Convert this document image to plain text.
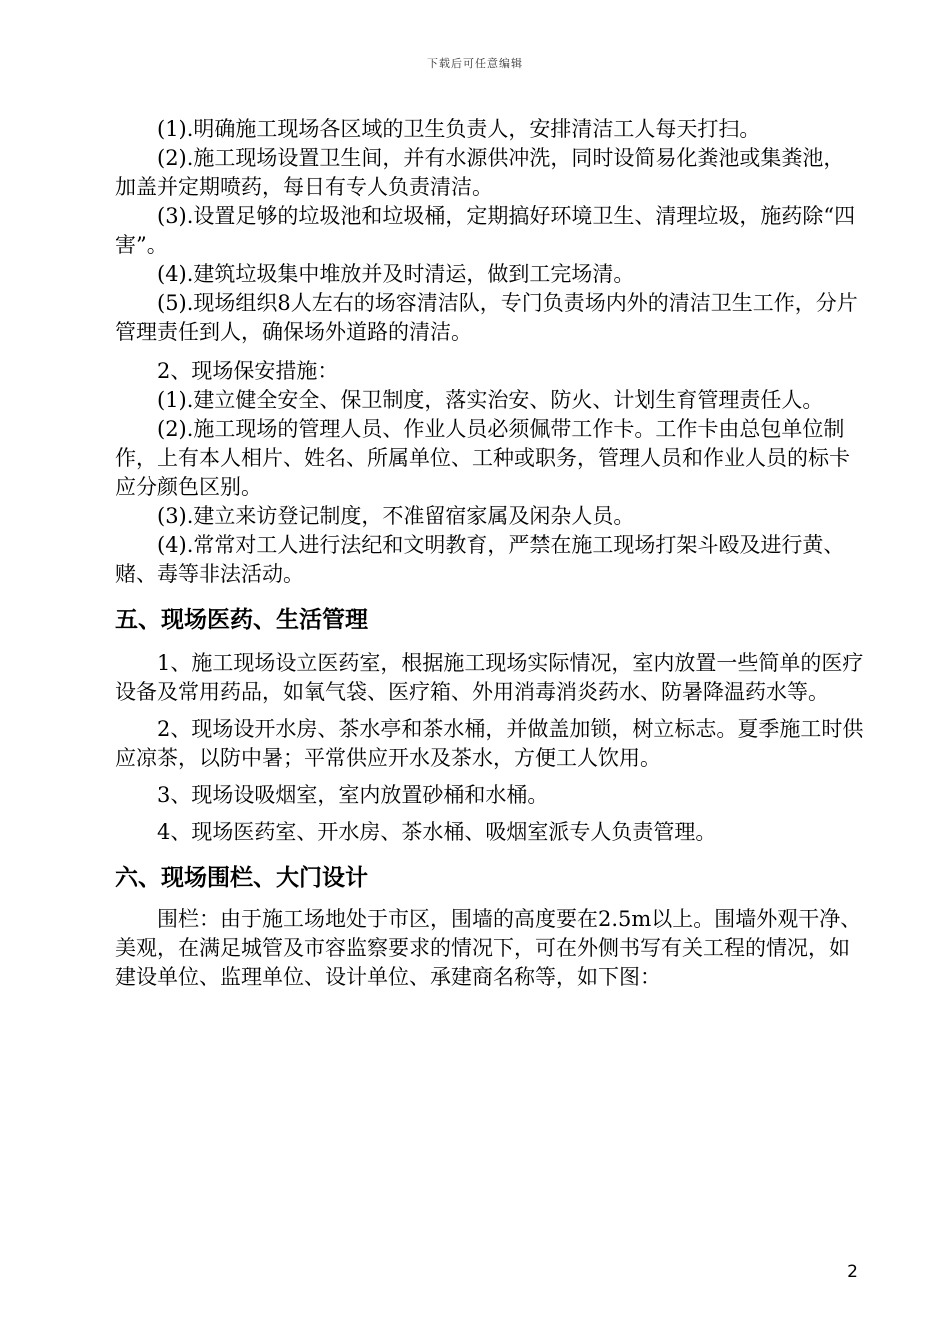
下载后可任意编辑

(1).明确施工现场各区域的卫生负责人，安排清洁工人每天打扫。

(2).施工现场设置卫生间，并有水源供冲洗，同时设简易化粪池或集粪池，加盖并定期喷药，每日有专人负责清洁。

(3).设置足够的垃圾池和垃圾桶，定期搞好环境卫生、清理垃圾，施药除“四害”。

(4).建筑垃圾集中堆放并及时清运，做到工完场清。

(5).现场组织8人左右的场容清洁队，专门负责场内外的清洁卫生工作，分片管理责任到人，确保场外道路的清洁。

2、现场保安措施：

(1).建立健全安全、保卫制度，落实治安、防火、计划生育管理责任人。

(2).施工现场的管理人员、作业人员必须佩带工作卡。工作卡由总包单位制作，上有本人相片、姓名、所属单位、工种或职务，管理人员和作业人员的标卡应分颜色区别。

(3).建立来访登记制度，不准留宿家属及闲杂人员。

(4).常常对工人进行法纪和文明教育，严禁在施工现场打架斗殴及进行黄、赌、毒等非法活动。

五、现场医药、生活管理

1、施工现场设立医药室，根据施工现场实际情况，室内放置一些简单的医疗设备及常用药品，如氧气袋、医疗箱、外用消毒消炎药水、防暑降温药水等。

2、现场设开水房、茶水亭和茶水桶，并做盖加锁，树立标志。夏季施工时供应凉茶，以防中暑；平常供应开水及茶水，方便工人饮用。

3、现场设吸烟室，室内放置砂桶和水桶。

4、现场医药室、开水房、茶水桶、吸烟室派专人负责管理。

六、现场围栏、大门设计

围栏：由于施工场地处于市区，围墙的高度要在2.5m以上。围墙外观干净、美观，在满足城管及市容监察要求的情况下，可在外侧书写有关工程的情况，如建设单位、监理单位、设计单位、承建商名称等，如下图：

2
